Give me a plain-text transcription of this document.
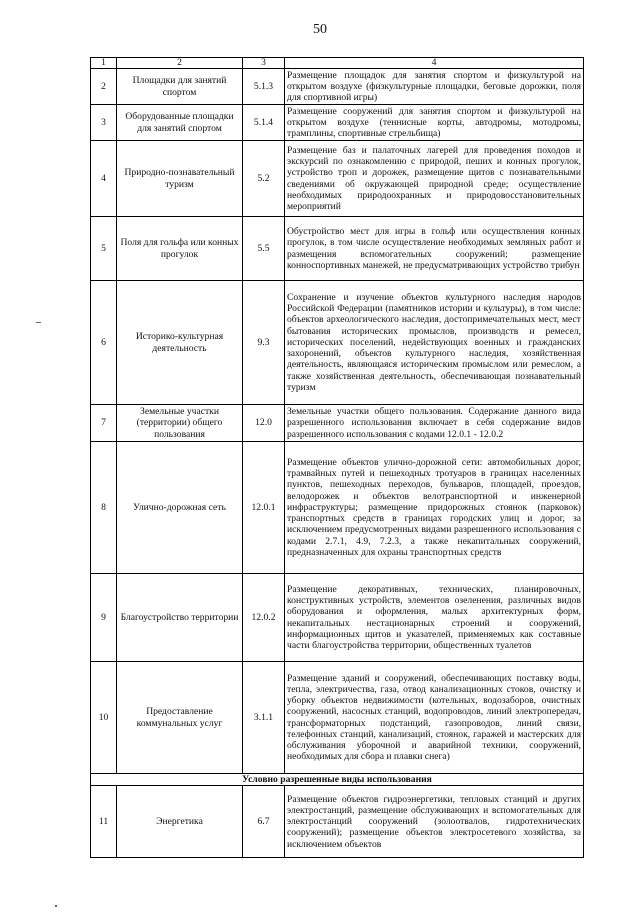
50
1	2	3	4
2	Площадки для занятий спортом	5.1.3	Размещение площадок для занятия спортом и физкультурой на открытом воздухе (физкультурные площадки, беговые дорожки, поля для спортивной игры)
3	Оборудованные площадки для занятий спортом	5.1.4	Размещение сооружений для занятия спортом и физкультурой на открытом воздухе (теннисные корты, автодромы, мотодромы, трамплины, спортивные стрельбища)
4	Природно-познавательный туризм	5.2	Размещение баз и палаточных лагерей для проведения походов и экскурсий по ознакомлению с природой, пеших и конных прогулок, устройство троп и дорожек, размещение щитов с познавательными сведениями об окружающей природной среде; осуществление необходимых природоохранных и природовосстановительных мероприятий
5	Поля для гольфа или конных прогулок	5.5	Обустройство мест для игры в гольф или осуществления конных прогулок, в том числе осуществление необходимых земляных работ и размещения вспомогательных сооружений; размещение конноспортивных манежей, не предусматривающих устройство трибун
6	Историко-культурная деятельность	9.3	Сохранение и изучение объектов культурного наследия народов Российской Федерации (памятников истории и культуры), в том числе: объектов археологического наследия, достопримечательных мест, мест бытования исторических промыслов, производств и ремесел, исторических поселений, недействующих военных и гражданских захоронений, объектов культурного наследия, хозяйственная деятельность, являющаяся историческим промыслом или ремеслом, а также хозяйственная деятельность, обеспечивающая познавательный туризм
7	Земельные участки (территории) общего пользования	12.0	Земельные участки общего пользования. Содержание данного вида разрешенного использования включает в себя содержание видов разрешенного использования с кодами 12.0.1 - 12.0.2
8	Улично-дорожная сеть	12.0.1	Размещение объектов улично-дорожной сети: автомобильных дорог, трамвайных путей и пешеходных тротуаров в границах населенных пунктов, пешеходных переходов, бульваров, площадей, проездов, велодорожек и объектов велотранспортной и инженерной инфраструктуры; размещение придорожных стоянок (парковок) транспортных средств в границах городских улиц и дорог, за исключением предусмотренных видами разрешенного использования с кодами 2.7.1, 4.9, 7.2.3, а также некапитальных сооружений, предназначенных для охраны транспортных средств
9	Благоустройство территории	12.0.2	Размещение декоративных, технических, планировочных, конструктивных устройств, элементов озеленения, различных видов оборудования и оформления, малых архитектурных форм, некапитальных нестационарных строений и сооружений, информационных щитов и указателей, применяемых как составные части благоустройства территории, общественных туалетов
10	Предоставление коммунальных услуг	3.1.1	Размещение зданий и сооружений, обеспечивающих поставку воды, тепла, электричества, газа, отвод канализационных стоков, очистку и уборку объектов недвижимости (котельных, водозаборов, очистных сооружений, насосных станций, водопроводов, линий электропередач, трансформаторных подстанций, газопроводов, линий связи, телефонных станций, канализаций, стоянок, гаражей и мастерских для обслуживания уборочной и аварийной техники, сооружений, необходимых для сбора и плавки снега)
Условно разрешенные виды использования			
11	Энергетика	6.7	Размещение объектов гидроэнергетики, тепловых станций и других электростанций, размещение обслуживающих и вспомогательных для электростанций сооружений (золоотвалов, гидротехнических сооружений); размещение объектов электросетевого хозяйства, за исключением объектов
